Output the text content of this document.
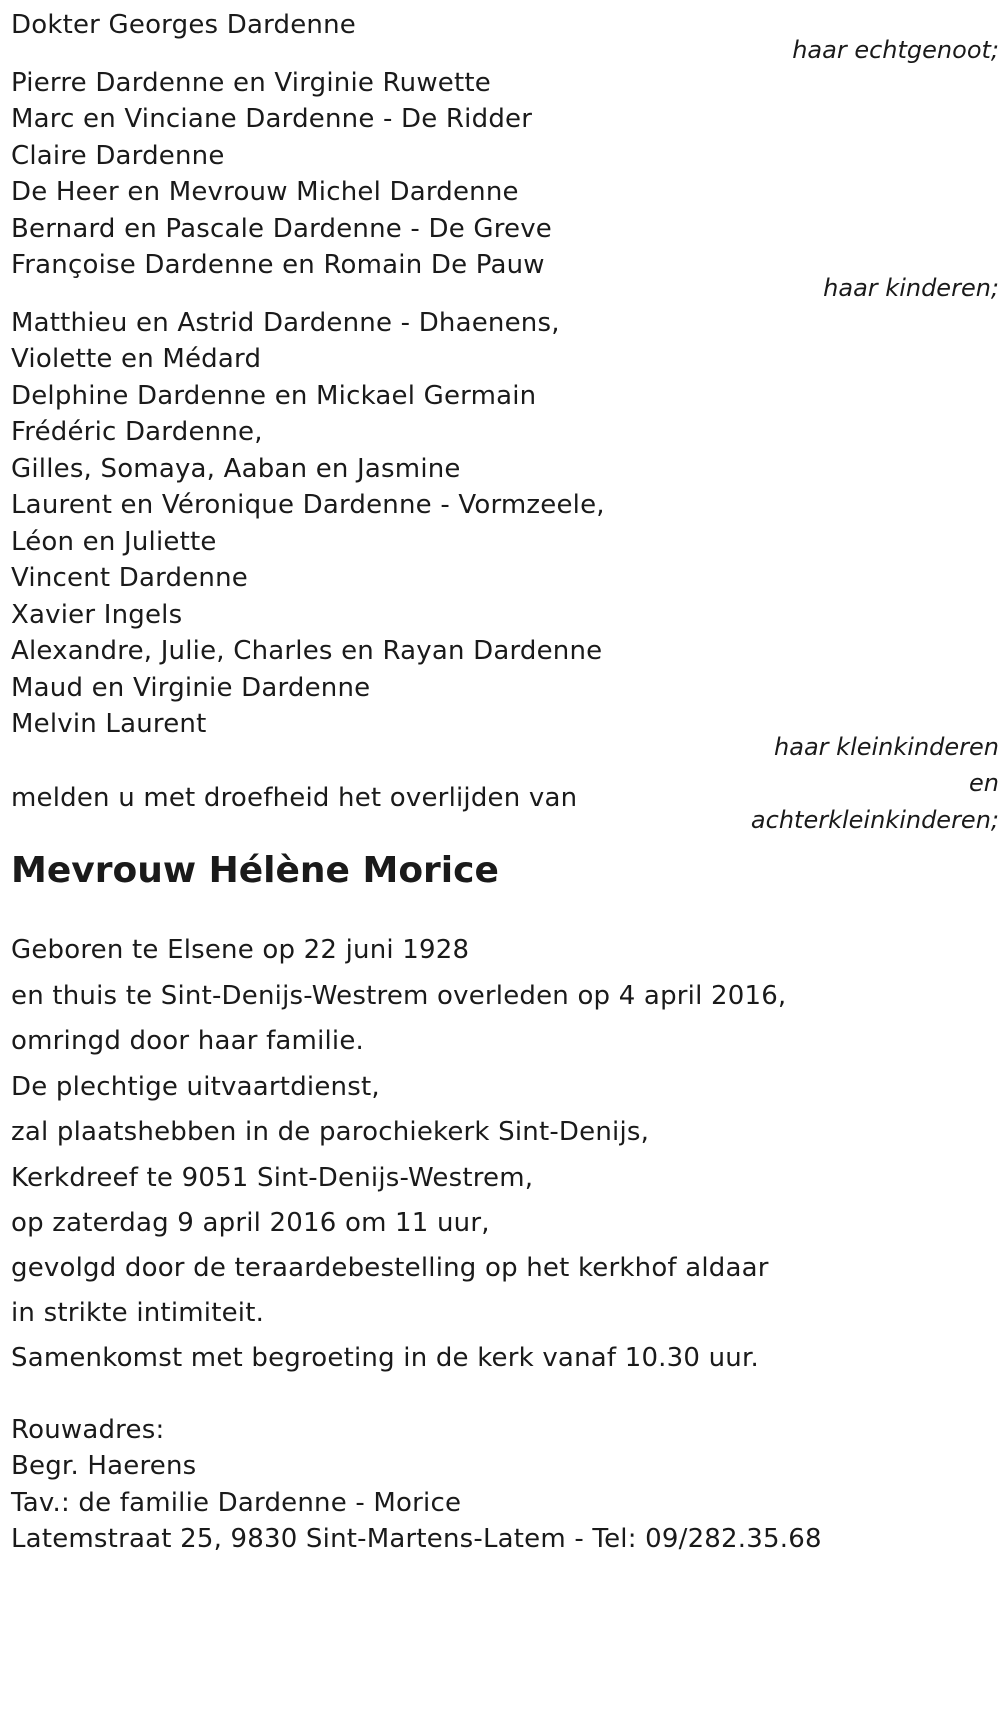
Dokter Georges Dardenne
haar echtgenoot;
Pierre Dardenne en Virginie Ruwette
Marc en Vinciane Dardenne - De Ridder
Claire Dardenne
De Heer en Mevrouw Michel Dardenne
Bernard en Pascale Dardenne - De Greve
Françoise Dardenne en Romain De Pauw
haar kinderen;
Matthieu en Astrid Dardenne - Dhaenens,
Violette en Médard
Delphine Dardenne en Mickael Germain
Frédéric Dardenne,
Gilles, Somaya, Aaban en Jasmine
Laurent en Véronique Dardenne - Vormzeele,
Léon en Juliette
Vincent Dardenne
Xavier Ingels
Alexandre, Julie, Charles en Rayan Dardenne
Maud en Virginie Dardenne
Melvin Laurent
haar kleinkinderen
en
achterkleinkinderen;
melden u met droefheid het overlijden van
Mevrouw Hélène Morice
Geboren te Elsene op 22 juni 1928
en thuis te Sint-Denijs-Westrem overleden op 4 april 2016,
omringd door haar familie.
De plechtige uitvaartdienst,
zal plaatshebben in de parochiekerk Sint-Denijs,
Kerkdreef te 9051 Sint-Denijs-Westrem,
op zaterdag 9 april 2016 om 11 uur,
gevolgd door de teraardebestelling op het kerkhof aldaar
in strikte intimiteit.
Samenkomst met begroeting in de kerk vanaf 10.30 uur.
Rouwadres:
Begr. Haerens
Tav.: de familie Dardenne - Morice
Latemstraat 25, 9830 Sint-Martens-Latem - Tel: 09/282.35.68
